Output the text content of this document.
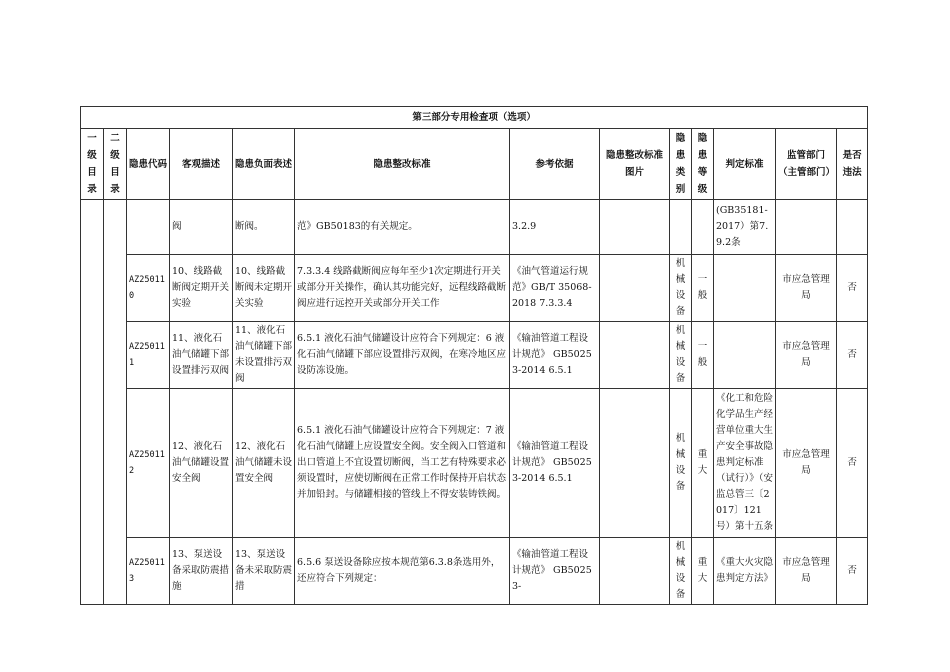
第三部分专用检查项（选项）												
一级目录	二级目录	隐患代码	客观描述	隐患负面表述	隐患整改标准	参考依据	隐患整改标准图片	隐患类别	隐患等级	判定标准	监管部门（主管部门）	是否违法
			阀	断阀。	范》GB50183的有关规定。	3.2.9				(GB35181-2017）第7.9.2条		
		AZ250110	10、线路截断阀定期开关实验	10、线路截断阀未定期开关实验	7.3.3.4 线路截断阀应每年至少1次定期进行开关或部分开关操作，确认其功能完好，远程线路截断阀应进行远控开关或部分开关工作	《油气管道运行规范》GB/T 35068-2018 7.3.3.4		机械设备	一般		市应急管理局	否
		AZ250111	11、液化石油气储罐下部设置排污双阀	11、液化石油气储罐下部未设置排污双阀	6.5.1 液化石油气储罐设计应符合下列规定：6 液化石油气储罐下部应设置排污双阀，在寒冷地区应设防冻设施。	《输油管道工程设计规范》 GB50253-2014 6.5.1		机械设备	一般		市应急管理局	否
		AZ250112	12、液化石油气储罐设置安全阀	12、液化石油气储罐未设置安全阀	6.5.1 液化石油气储罐设计应符合下列规定：7 液化石油气储罐上应设置安全阀。安全阀入口管道和出口管道上不宜设置切断阀，当工艺有特殊要求必须设置时，应使切断阀在正常工作时保持开启状态并加铅封。与储罐相接的管线上不得安装铸铁阀。	《输油管道工程设计规范》 GB50253-2014 6.5.1		机械设备	重大	《化工和危险化学品生产经营单位重大生产安全事故隐患判定标准（试行）》（安监总管三〔2017〕121号）第十五条	市应急管理局	否
		AZ250113	13、泵送设备采取防震措施	13、泵送设备未采取防震措	6.5.6 泵送设备除应按本规范第6.3.8条选用外，还应符合下列规定：	《输油管道工程设计规范》 GB50253-		机械设备	重大	《重大火灾隐患判定方法》	市应急管理局	否
